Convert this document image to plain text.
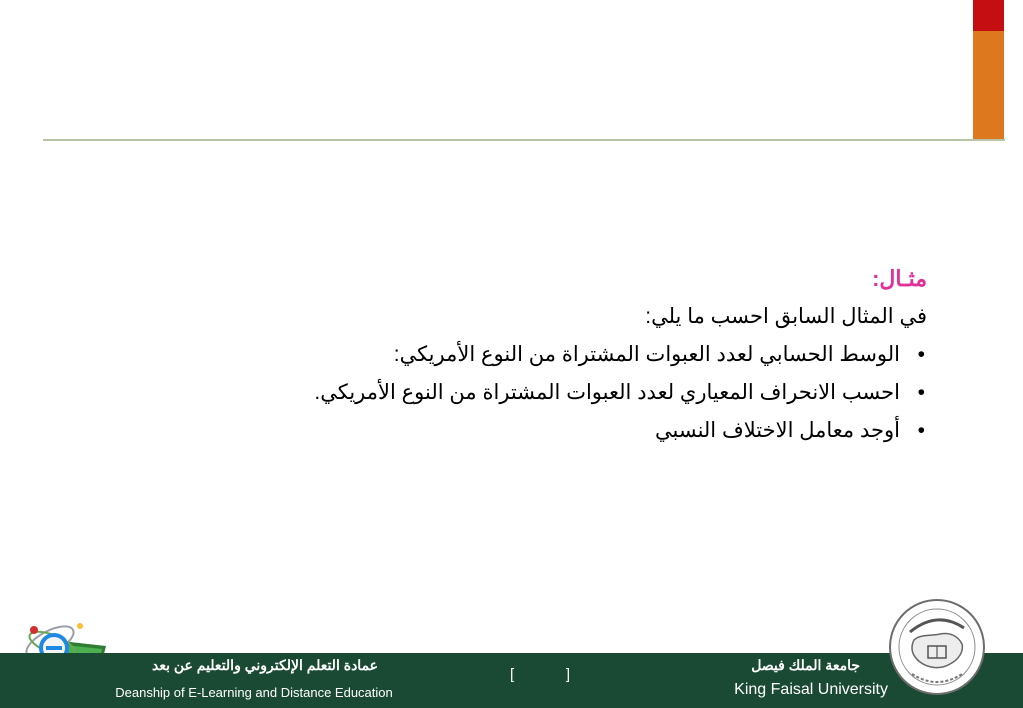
مثـال:
في المثال السابق احسب ما يلي:
•
الوسط الحسابي لعدد العبوات المشتراة من النوع الأمريكي:
•
احسب الانحراف المعياري لعدد العبوات المشتراة من النوع الأمريكي.
•
أوجد معامل الاختلاف النسبي
عمادة التعلم الإلكتروني والتعليم عن بعد
Deanship of E-Learning and Distance Education
[	]
جامعة الملك فيصل
King Faisal University
